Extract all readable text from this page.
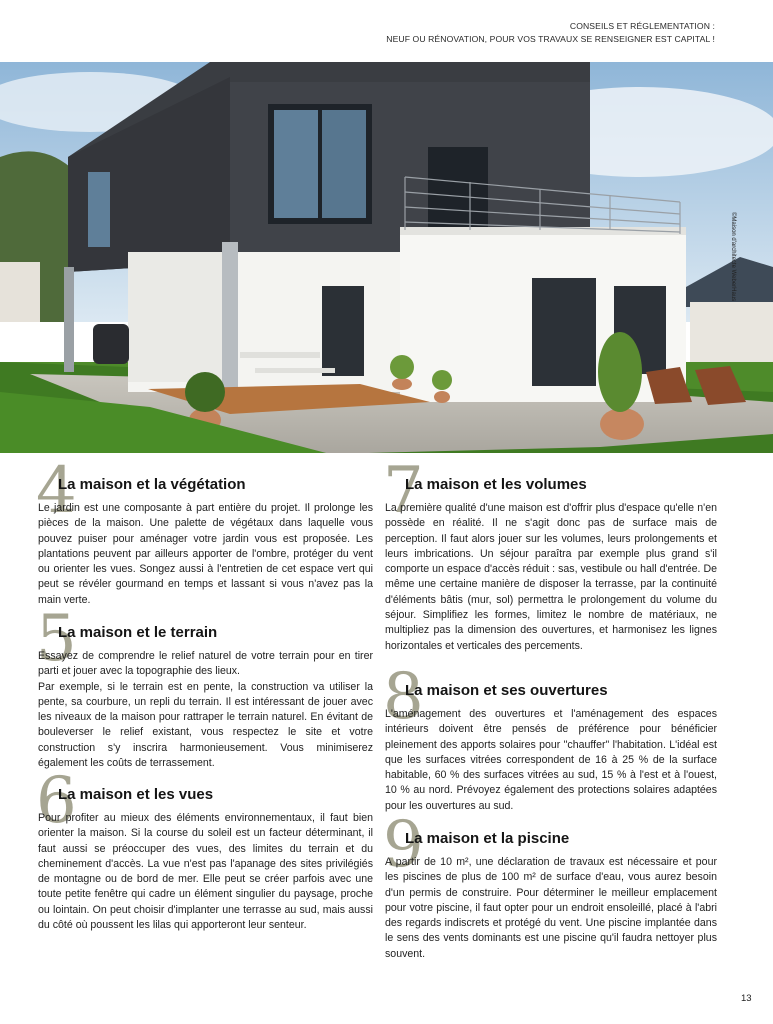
CONSEILS ET RÉGLEMENTATION :
NEUF OU RÉNOVATION, POUR VOS TRAVAUX SE RENSEIGNER EST CAPITAL !
©Maison d'architecte WeberHaus
4
La maison et la végétation

Le jardin est une composante à part entière du projet. Il prolonge les pièces de la maison. Une palette de végétaux dans laquelle vous pouvez puiser pour aménager votre jardin vous est proposée. Les plantations peuvent par ailleurs apporter de l'ombre, protéger du vent ou orienter les vues. Songez aussi à l'entretien de cet espace vert qui peut se révéler gourmand en temps et lassant si vous n'avez pas la main verte.

5
La maison et le terrain

Essayez de comprendre le relief naturel de votre terrain pour en tirer parti et jouer avec la topographie des lieux.

Par exemple, si le terrain est en pente, la construction va utiliser la pente, sa courbure, un repli du terrain. Il est intéressant de jouer avec les niveaux de la maison pour rattraper le terrain naturel. En évitant de bouleverser le relief existant, vous respectez le site et votre construction s'y inscrira harmonieusement. Vous minimiserez également les coûts de terrassement.

6
La maison et les vues

Pour profiter au mieux des éléments environnementaux, il faut bien orienter la maison. Si la course du soleil est un facteur déterminant, il faut aussi se préoccuper des vues, des limites du terrain et du cheminement d'accès. La vue n'est pas l'apanage des sites privilégiés de montagne ou de bord de mer. Elle peut se créer parfois avec une toute petite fenêtre qui cadre un élément singulier du paysage, proche ou lointain. On peut choisir d'implanter une terrasse au sud, mais aussi du côté où poussent les lilas qui apporteront leur senteur.

7
La maison et les volumes

La première qualité d'une maison est d'offrir plus d'espace qu'elle n'en possède en réalité. Il ne s'agit donc pas de surface mais de perception. Il faut alors jouer sur les volumes, leurs prolongements et leurs imbrications. Un séjour paraîtra par exemple plus grand s'il comporte un espace d'accès réduit : sas, vestibule ou hall d'entrée. De même une certaine manière de disposer la terrasse, par la continuité d'éléments bâtis (mur, sol) permettra le prolongement du volume du séjour. Simplifiez les formes, limitez le nombre de matériaux, ne multipliez pas la dimension des ouvertures, et harmonisez les lignes horizontales et verticales des percements.

8
La maison et ses ouvertures

L'aménagement des ouvertures et l'aménagement des espaces intérieurs doivent être pensés de préférence pour bénéficier pleinement des apports solaires pour "chauffer" l'habitation. L'idéal est que les surfaces vitrées correspondent de 16 à 25 % de la surface habitable, 60 % des surfaces vitrées au sud, 15 % à l'est et à l'ouest, 10 % au nord. Prévoyez également des protections solaires adaptées pour les ouvertures au sud.

9
La maison et la piscine

A partir de 10 m², une déclaration de travaux est nécessaire et pour les piscines de plus de 100 m² de surface d'eau, vous aurez besoin d'un permis de construire. Pour déterminer le meilleur emplacement pour votre piscine, il faut opter pour un endroit ensoleillé, placé à l'abri des regards indiscrets et protégé du vent. Une piscine implantée dans le sens des vents dominants est une piscine qu'il faudra nettoyer plus souvent.

13
